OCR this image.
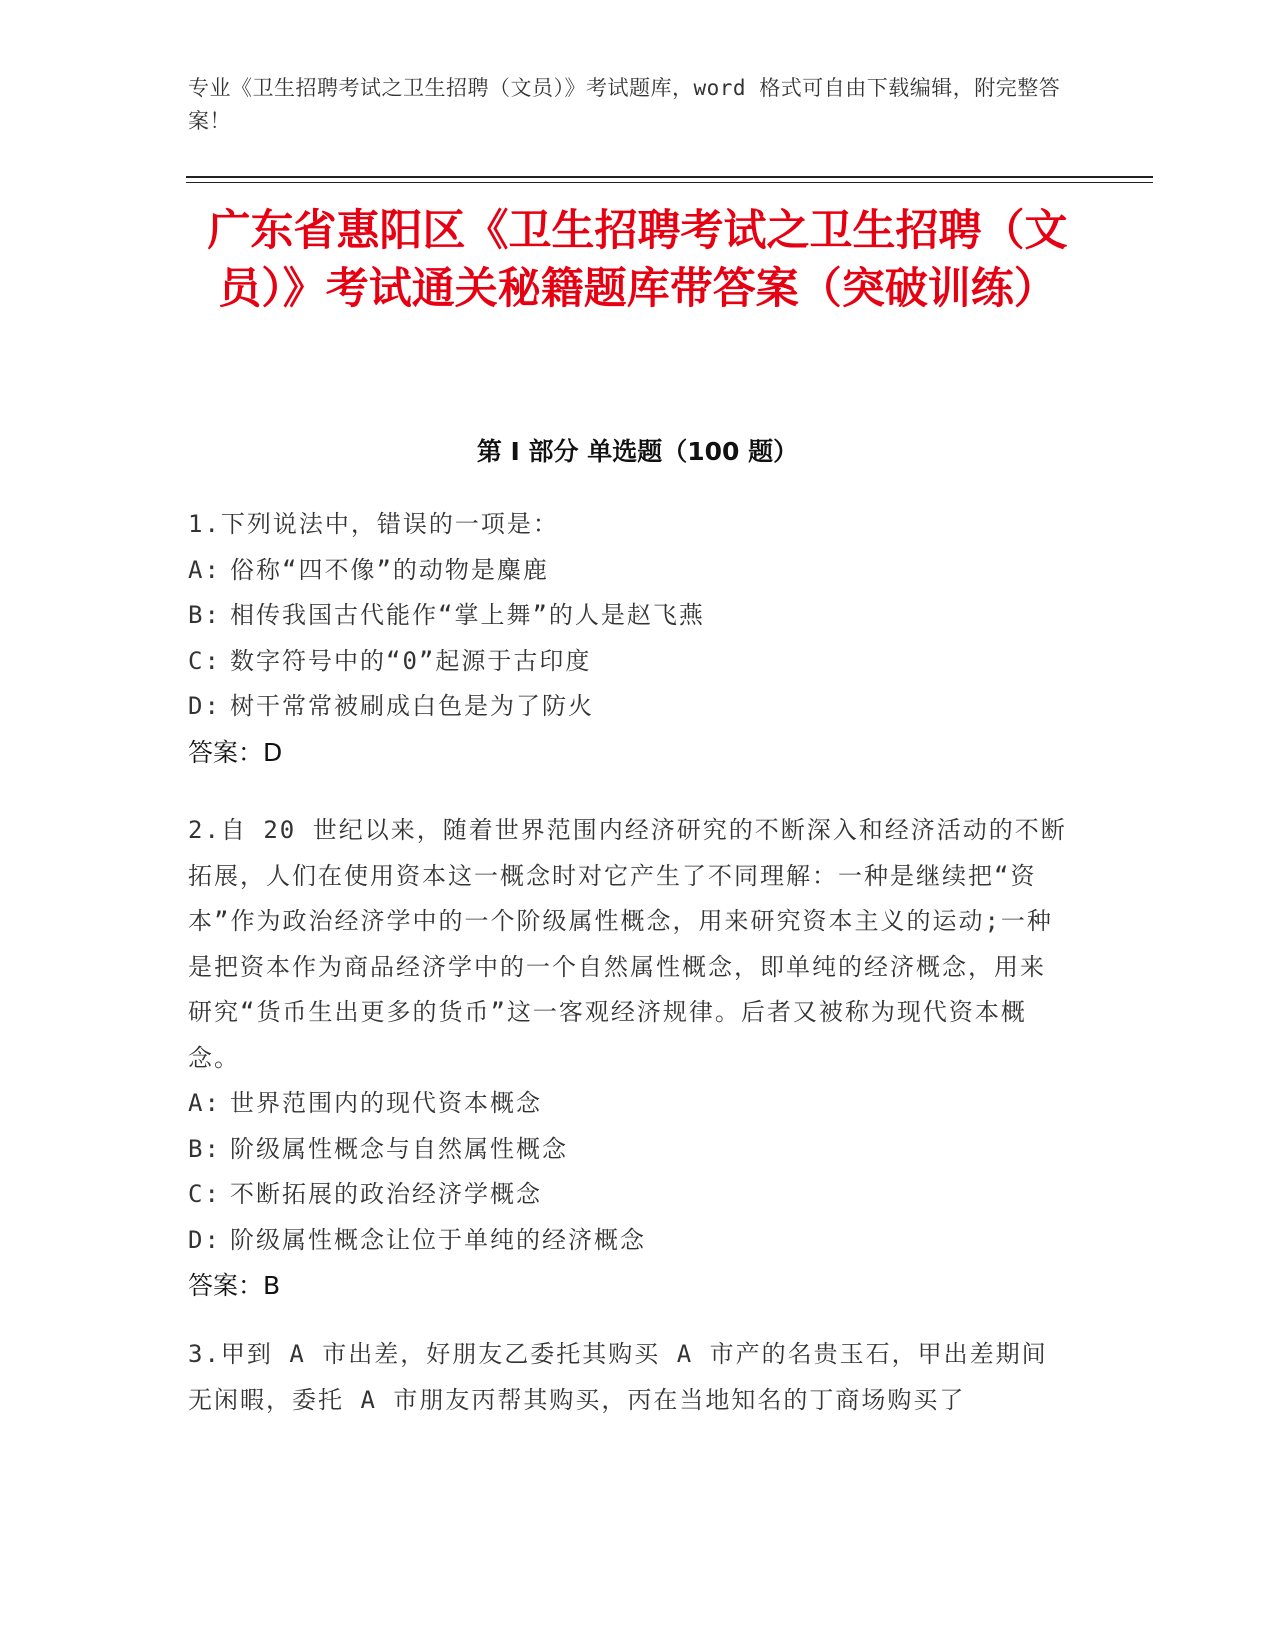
专业《卫生招聘考试之卫生招聘（文员）》考试题库，word 格式可自由下载编辑，附完整答案！
广东省惠阳区《卫生招聘考试之卫生招聘（文员）》考试通关秘籍题库带答案（突破训练）
第 I 部分 单选题（100 题）
1.下列说法中，错误的一项是：
A: 俗称“四不像”的动物是麋鹿
B: 相传我国古代能作“掌上舞”的人是赵飞燕
C: 数字符号中的“0”起源于古印度
D: 树干常常被刷成白色是为了防火
答案：D
2.自 20 世纪以来，随着世界范围内经济研究的不断深入和经济活动的不断拓展，人们在使用资本这一概念时对它产生了不同理解：一种是继续把“资本”作为政治经济学中的一个阶级属性概念，用来研究资本主义的运动;一种是把资本作为商品经济学中的一个自然属性概念，即单纯的经济概念，用来研究“货币生出更多的货币”这一客观经济规律。后者又被称为现代资本概念。
A: 世界范围内的现代资本概念
B: 阶级属性概念与自然属性概念
C: 不断拓展的政治经济学概念
D: 阶级属性概念让位于单纯的经济概念
答案：B
3.甲到 A 市出差，好朋友乙委托其购买 A 市产的名贵玉石，甲出差期间无闲暇，委托 A 市朋友丙帮其购买，丙在当地知名的丁商场购买了
